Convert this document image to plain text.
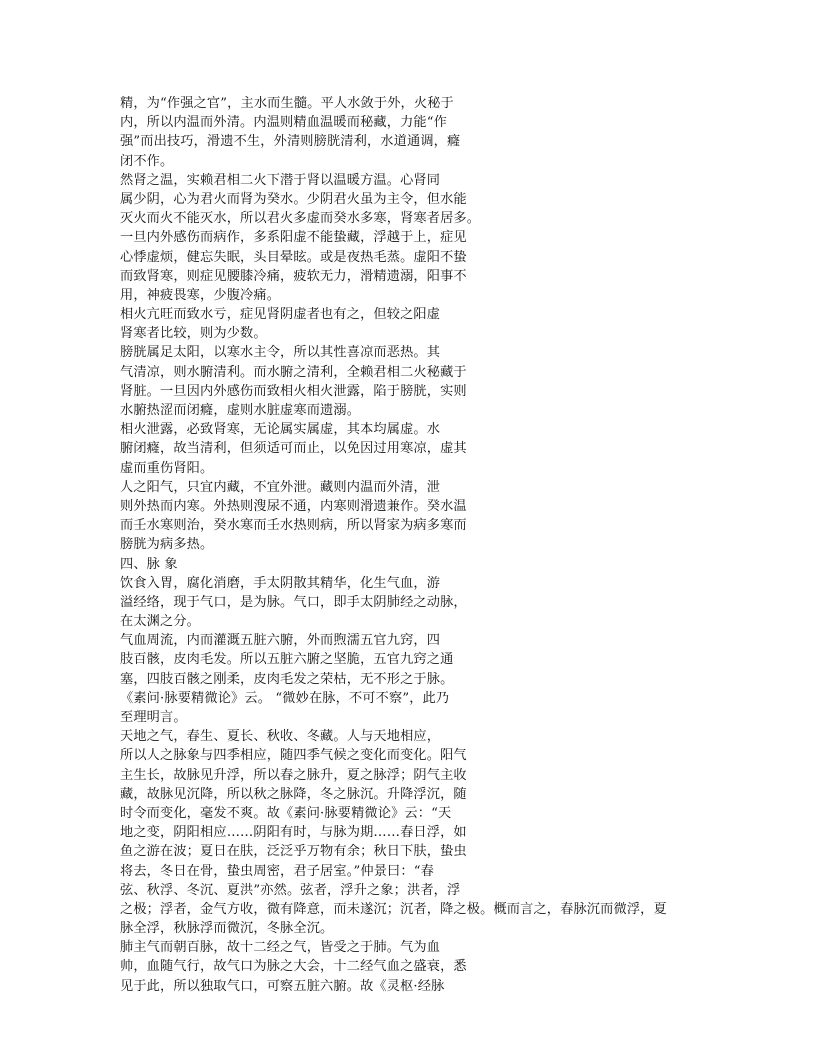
精，为“作强之官”，主水而生髓。平人水敛于外，火秘于
内，所以内温而外清。内温则精血温暖而秘藏，力能“作
强”而出技巧，滑遗不生，外清则膀胱清利，水道通调，癃
闭不作。
然肾之温，实赖君相二火下潜于肾以温暖方温。心肾同
属少阴，心为君火而肾为癸水。少阴君火虽为主令，但水能
灭火而火不能灭水，所以君火多虚而癸水多寒，肾寒者居多。
一旦内外感伤而病作，多系阳虚不能蛰藏，浮越于上，症见
心悸虚烦，健忘失眠，头目晕眩。或是夜热毛蒸。虚阳不蛰
而致肾寒，则症见腰膝冷痛，疲软无力，滑精遗溺，阳事不
用，神疲畏寒，少腹冷痛。
相火亢旺而致水亏，症见肾阴虚者也有之，但较之阳虚
肾寒者比较，则为少数。
膀胱属足太阳，以寒水主令，所以其性喜凉而恶热。其
气清凉，则水腑清利。而水腑之清利，全赖君相二火秘藏于
肾脏。一旦因内外感伤而致相火相火泄露，陷于膀胱，实则
水腑热涩而闭癃，虚则水脏虚寒而遗溺。
相火泄露，必致肾寒，无论属实属虚，其本均属虚。水
腑闭癃，故当清利，但须适可而止，以免因过用寒凉，虚其
虚而重伤肾阳。
人之阳气，只宜内藏，不宜外泄。藏则内温而外清，泄
则外热而内寒。外热则溲尿不通，内寒则滑遗兼作。癸水温
而壬水寒则治，癸水寒而壬水热则病，所以肾家为病多寒而
膀胱为病多热。
四、脉 象
饮食入胃，腐化消磨，手太阴散其精华，化生气血，游
溢经络，现于气口，是为脉。气口，即手太阴肺经之动脉，
在太渊之分。
气血周流，内而灌溉五脏六腑，外而煦濡五官九窍，四
肢百骸，皮肉毛发。所以五脏六腑之坚脆，五官九窍之通
塞，四肢百骸之刚柔，皮肉毛发之荣枯，无不形之于脉。
《素问·脉要精微论》云。 “微妙在脉，不可不察”，此乃
至理明言。
天地之气，春生、夏长、秋收、冬藏。人与天地相应，
所以人之脉象与四季相应，随四季气候之变化而变化。阳气
主生长，故脉见升浮，所以春之脉升，夏之脉浮；阴气主收
藏，故脉见沉降，所以秋之脉降，冬之脉沉。升降浮沉，随
时令而变化，毫发不爽。故《素问·脉要精微论》云：“天
地之变，阴阳相应……阴阳有时，与脉为期……春日浮，如
鱼之游在波；夏日在肤，泛泛乎万物有余；秋日下肤，蛰虫
将去，冬日在骨，蛰虫周密，君子居室。”仲景曰：“春
弦、秋浮、冬沉、夏洪”亦然。弦者，浮升之象；洪者，浮
之极；浮者，金气方收，微有降意，而未遂沉；沉者，降之极。概而言之，春脉沉而微浮，夏
脉全浮，秋脉浮而微沉，冬脉全沉。
肺主气而朝百脉，故十二经之气，皆受之于肺。气为血
帅，血随气行，故气口为脉之大会，十二经气血之盛衰，悉
见于此，所以独取气口，可察五脏六腑。故《灵枢·经脉
